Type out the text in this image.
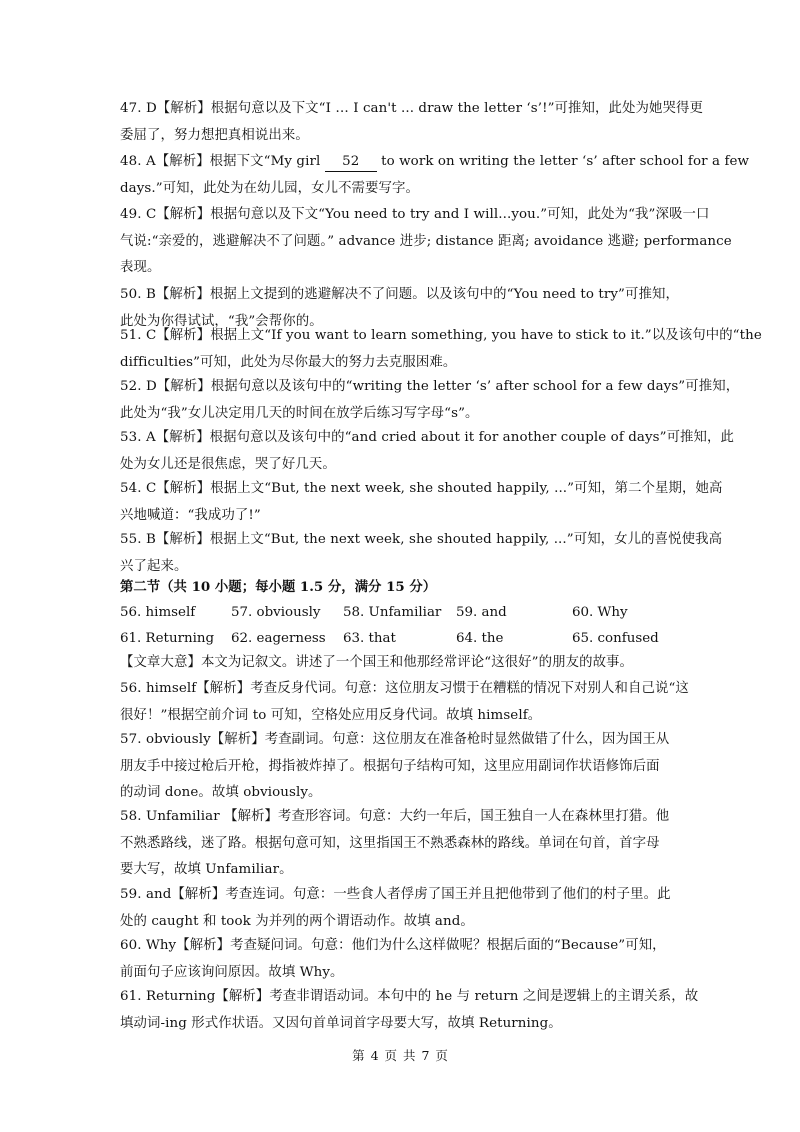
47. D【解析】根据句意以及下文“I … I can't ... draw the letter ‘s’!”可推知，此处为她哭得更
委屈了，努力想把真相说出来。
48. A【解析】根据下文“My girl 52 to work on writing the letter ‘s’ after school for a few
days.”可知，此处为在幼儿园，女儿不需要写字。
49. C【解析】根据句意以及下文“You need to try and I will...you.”可知，此处为“我”深吸一口
气说:“亲爱的，逃避解决不了问题。” advance 进步; distance 距离; avoidance 逃避; performance
表现。
50. B【解析】根据上文提到的逃避解决不了问题。以及该句中的“You need to try”可推知，
此处为你得试试，“我”会帮你的。
51. C【解析】根据上文“If you want to learn something, you have to stick to it.”以及该句中的“the
difficulties”可知，此处为尽你最大的努力去克服困难。
52. D【解析】根据句意以及该句中的“writing the letter ‘s’ after school for a few days”可推知，
此处为“我”女儿决定用几天的时间在放学后练习写字母“s”。
53. A【解析】根据句意以及该句中的“and cried about it for another couple of days”可推知，此
处为女儿还是很焦虑，哭了好几天。
54. C【解析】根据上文“But, the next week, she shouted happily, ...”可知，第二个星期，她高
兴地喊道：“我成功了!”
55. B【解析】根据上文“But, the next week, she shouted happily, ...”可知，女儿的喜悦使我高
兴了起来。
第二节（共 10 小题；每小题 1.5 分，满分 15 分）
56. himself	57. obviously	58. Unfamiliar	59. and	60. Why
61. Returning	62. eagerness	63. that	64. the	65. confused
【文章大意】本文为记叙文。讲述了一个国王和他那经常评论“这很好”的朋友的故事。
56. himself【解析】考查反身代词。句意：这位朋友习惯于在糟糕的情况下对别人和自己说“这
很好！”根据空前介词 to 可知，空格处应用反身代词。故填 himself。
57. obviously【解析】考查副词。句意：这位朋友在准备枪时显然做错了什么，因为国王从
朋友手中接过枪后开枪，拇指被炸掉了。根据句子结构可知，这里应用副词作状语修饰后面
的动词 done。故填 obviously。
58. Unfamiliar 【解析】考查形容词。句意：大约一年后，国王独自一人在森林里打猎。他
不熟悉路线，迷了路。根据句意可知，这里指国王不熟悉森林的路线。单词在句首，首字母
要大写，故填 Unfamiliar。
59. and【解析】考查连词。句意：一些食人者俘虏了国王并且把他带到了他们的村子里。此
处的 caught 和 took 为并列的两个谓语动作。故填 and。
60. Why【解析】考查疑问词。句意：他们为什么这样做呢？根据后面的“Because”可知，
前面句子应该询问原因。故填 Why。
61. Returning【解析】考查非谓语动词。本句中的 he 与 return 之间是逻辑上的主谓关系，故
填动词-ing 形式作状语。又因句首单词首字母要大写，故填 Returning。
第 4 页 共 7 页
